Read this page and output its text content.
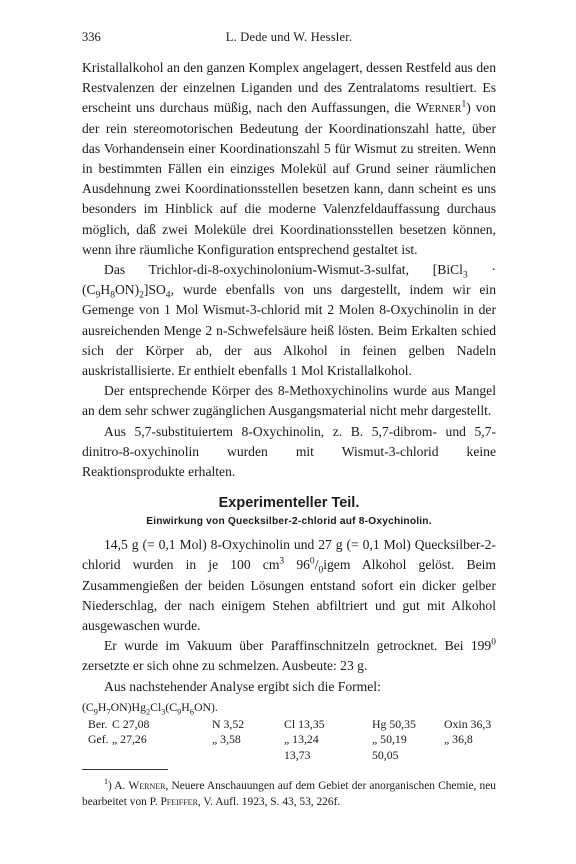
336	L. Dede und W. Hessler.

Kristallalkohol an den ganzen Komplex angelagert, dessen Restfeld aus den Restvalenzen der einzelnen Liganden und des Zentralatoms resultiert. Es erscheint uns durchaus müßig, nach den Auffassungen, die Werner$^1$) von der rein stereomotorischen Bedeutung der Koordinationszahl hatte, über das Vorhandensein einer Koordinationszahl 5 für Wismut zu streiten. Wenn in bestimmten Fällen ein einziges Molekül auf Grund seiner räumlichen Ausdehnung zwei Koordinationsstellen besetzen kann, dann scheint es uns besonders im Hinblick auf die moderne Valenzfeldauffassung durchaus möglich, daß zwei Moleküle drei Koordinationsstellen besetzen können, wenn ihre räumliche Konfiguration entsprechend gestaltet ist.

Das Trichlor-di-8-oxychinolonium-Wismut-3-sulfat, [BiCl$_3$ · $(C_9H_8ON)_2]SO_4$, wurde ebenfalls von uns dargestellt, indem wir ein Gemenge von 1 Mol Wismut-3-chlorid mit 2 Molen 8-Oxychinolin in der ausreichenden Menge 2 n-Schwefelsäure heiß lösten. Beim Erkalten schied sich der Körper ab, der aus Alkohol in feinen gelben Nadeln auskristallisierte. Er enthielt ebenfalls 1 Mol Kristallalkohol.

Der entsprechende Körper des 8-Methoxychinolins wurde aus Mangel an dem sehr schwer zugänglichen Ausgangsmaterial nicht mehr dargestellt.

Aus 5,7-substituiertem 8-Oxychinolin, z. B. 5,7-dibrom- und 5,7-dinitro-8-oxychinolin wurden mit Wismut-3-chlorid keine Reaktionsprodukte erhalten.

Experimenteller Teil.
Einwirkung von Quecksilber-2-chlorid auf 8-Oxychinolin.

14,5 g (= 0,1 Mol) 8-Oxychinolin und 27 g (= 0,1 Mol) Quecksilber-2-chlorid wurden in je 100 $cm^3$ $96^0/_0igem$ Alkohol gelöst. Beim Zusammengießen der beiden Lösungen entstand sofort ein dicker gelber Niederschlag, der nach einigem Stehen abfiltriert und gut mit Alkohol ausgewaschen wurde.

Er wurde im Vakuum über Paraffinschnitzeln getrocknet. Bei $199^0$ zersetzte er sich ohne zu schmelzen. Ausbeute: 23 g.

Aus nachstehender Analyse ergibt sich die Formel:

$(C_9H_7ON)Hg_2Cl_3(C_9H_6ON)$.
Ber.	C 27,08	N 3,52	Cl 13,35	Hg 50,35	Oxin 36,3
Gef.	„ 27,26	„ 3,58	„ 13,24	„ 50,19	„ 36,8
			13,73	50,05	
$^1$) A. Werner, Neuere Anschauungen auf dem Gebiet der anorganischen Chemie, neu bearbeitet von P. Pfeiffer, V. Aufl. 1923, S. 43, 53, 226f.
